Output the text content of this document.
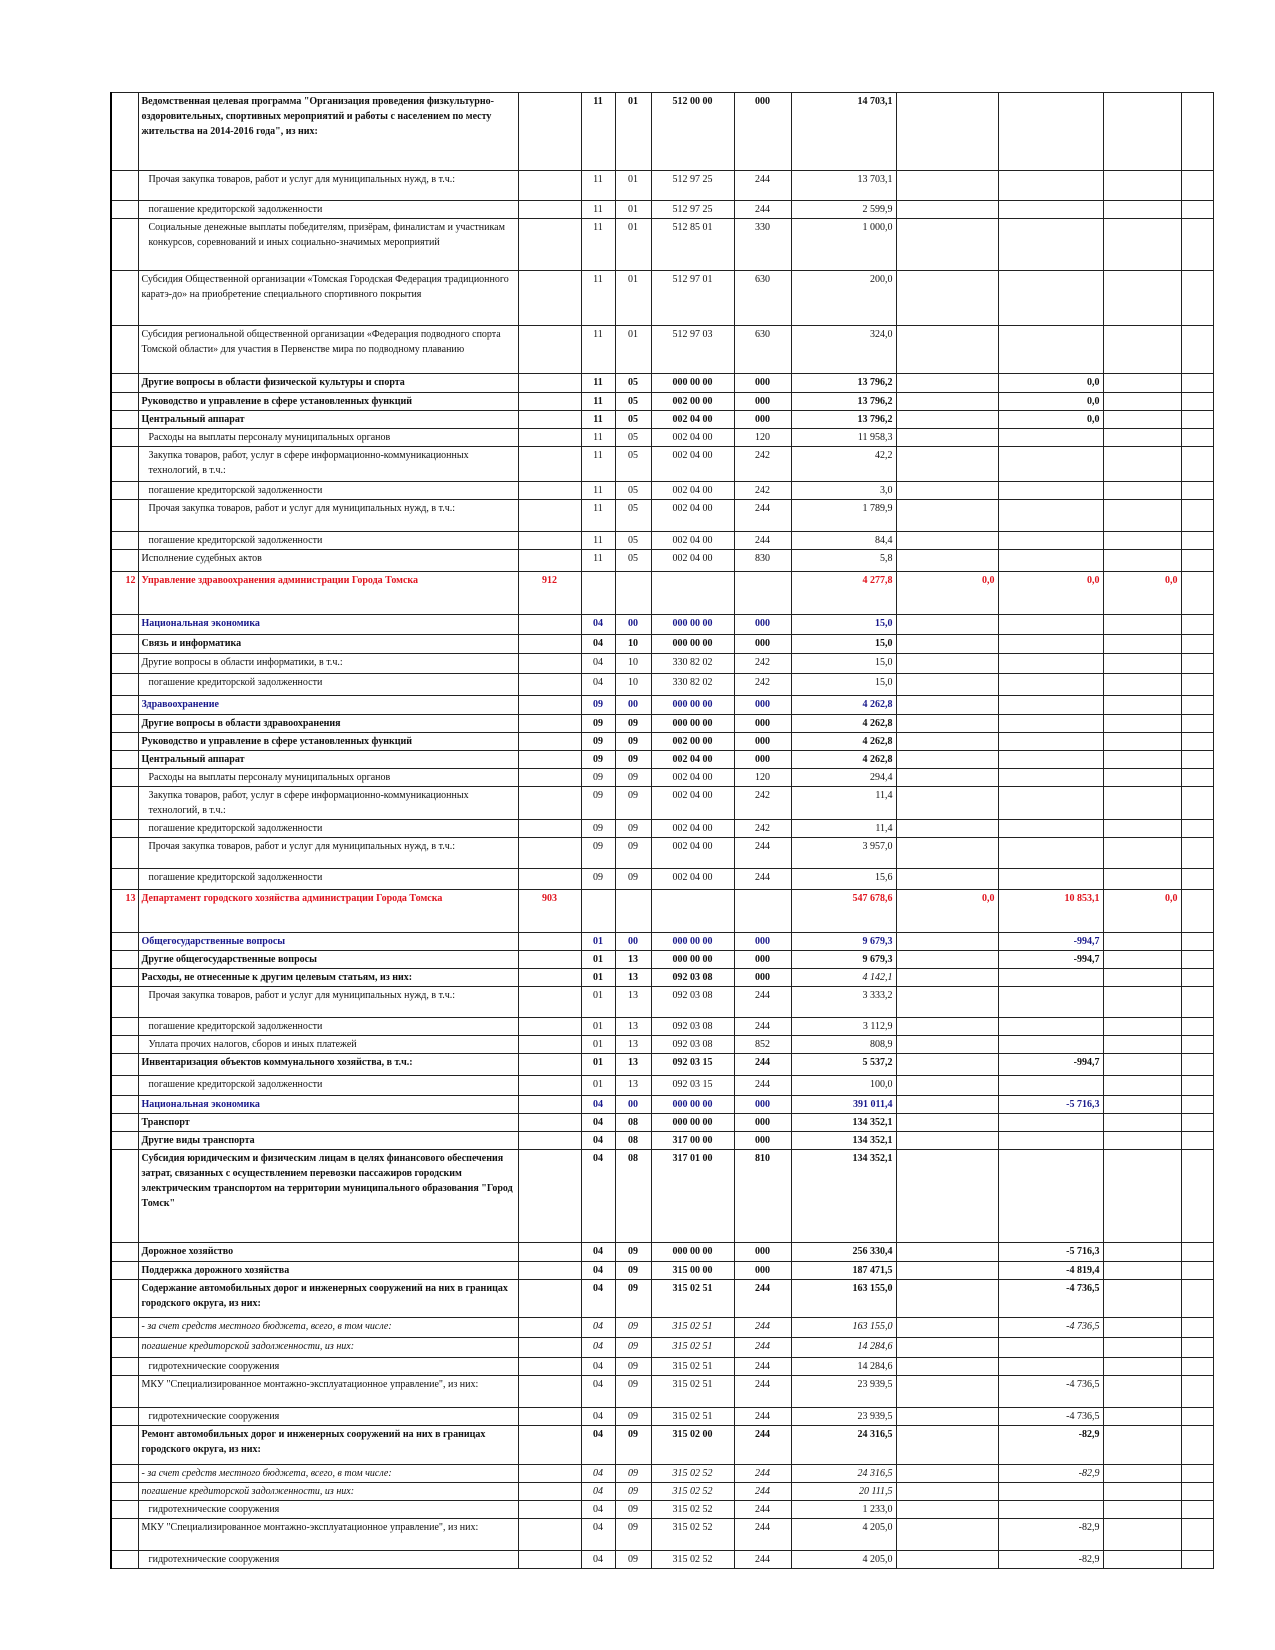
	Ведомственная целевая программа "Организация проведения физкультурно-оздоровительных, спортивных мероприятий и работы с населением по месту жительства на 2014-2016 года", из них:		11	01	512 00 00	000	14 703,1				
	Прочая закупка товаров, работ и услуг для муниципальных нужд, в т.ч.:		11	01	512 97 25	244	13 703,1				
	погашение кредиторской задолженности		11	01	512 97 25	244	2 599,9				
	Социальные денежные выплаты победителям, призёрам, финалистам и участникам конкурсов, соревнований и иных социально-значимых мероприятий		11	01	512 85 01	330	1 000,0				
	Субсидия Общественной организации «Томская Городская Федерация традиционного каратэ-до» на приобретение специального спортивного покрытия		11	01	512 97 01	630	200,0				
	Субсидия региональной общественной организации «Федерация подводного спорта Томской области» для участия в Первенстве мира по подводному плаванию		11	01	512 97 03	630	324,0				
	Другие вопросы в области физической культуры и спорта		11	05	000 00 00	000	13 796,2		0,0		
	Руководство и управление в сфере установленных функций		11	05	002 00 00	000	13 796,2		0,0		
	Центральный аппарат		11	05	002 04 00	000	13 796,2		0,0		
	Расходы на выплаты персоналу муниципальных органов		11	05	002 04 00	120	11 958,3				
	Закупка товаров, работ, услуг в сфере информационно-коммуникационных технологий, в т.ч.:		11	05	002 04 00	242	42,2				
	погашение кредиторской задолженности		11	05	002 04 00	242	3,0				
	Прочая закупка товаров, работ и услуг для муниципальных нужд, в т.ч.:		11	05	002 04 00	244	1 789,9				
	погашение кредиторской задолженности		11	05	002 04 00	244	84,4				
	Исполнение судебных актов		11	05	002 04 00	830	5,8				
12	Управление здравоохранения администрации Города Томска	912					4 277,8	0,0	0,0	0,0	
	Национальная экономика		04	00	000 00 00	000	15,0				
	Связь и информатика		04	10	000 00 00	000	15,0				
	Другие вопросы в области информатики, в т.ч.:		04	10	330 82 02	242	15,0				
	погашение кредиторской задолженности		04	10	330 82 02	242	15,0				
	Здравоохранение		09	00	000 00 00	000	4 262,8				
	Другие вопросы в области здравоохранения		09	09	000 00 00	000	4 262,8				
	Руководство и управление в сфере установленных функций		09	09	002 00 00	000	4 262,8				
	Центральный аппарат		09	09	002 04 00	000	4 262,8				
	Расходы на выплаты персоналу муниципальных органов		09	09	002 04 00	120	294,4				
	Закупка товаров, работ, услуг в сфере информационно-коммуникационных технологий, в т.ч.:		09	09	002 04 00	242	11,4				
	погашение кредиторской задолженности		09	09	002 04 00	242	11,4				
	Прочая закупка товаров, работ и услуг для муниципальных нужд, в т.ч.:		09	09	002 04 00	244	3 957,0				
	погашение кредиторской задолженности		09	09	002 04 00	244	15,6				
13	Департамент городского хозяйства администрации Города Томска	903					547 678,6	0,0	10 853,1	0,0	
	Общегосударственные вопросы		01	00	000 00 00	000	9 679,3		-994,7		
	Другие общегосударственные вопросы		01	13	000 00 00	000	9 679,3		-994,7		
	Расходы, не отнесенные к другим целевым статьям, из них:		01	13	092 03 08	000	4 142,1				
	Прочая закупка товаров, работ и услуг для муниципальных нужд, в т.ч.:		01	13	092 03 08	244	3 333,2				
	погашение кредиторской задолженности		01	13	092 03 08	244	3 112,9				
	Уплата прочих налогов, сборов и иных платежей		01	13	092 03 08	852	808,9				
	Инвентаризация объектов коммунального хозяйства, в т.ч.:		01	13	092 03 15	244	5 537,2		-994,7		
	погашение кредиторской задолженности		01	13	092 03 15	244	100,0				
	Национальная экономика		04	00	000 00 00	000	391 011,4		-5 716,3		
	Транспорт		04	08	000 00 00	000	134 352,1				
	Другие виды транспорта		04	08	317 00 00	000	134 352,1				
	Субсидия юридическим и физическим лицам в целях финансового обеспечения затрат, связанных с осуществлением перевозки пассажиров городским электрическим транспортом на территории муниципального образования "Город Томск"		04	08	317 01 00	810	134 352,1				
	Дорожное хозяйство		04	09	000 00 00	000	256 330,4		-5 716,3		
	Поддержка дорожного хозяйства		04	09	315 00 00	000	187 471,5		-4 819,4		
	Содержание автомобильных дорог и инженерных сооружений на них в границах городского округа, из них:		04	09	315 02 51	244	163 155,0		-4 736,5		
	- за счет средств местного бюджета, всего, в том числе:		04	09	315 02 51	244	163 155,0		-4 736,5		
	погашение кредиторской задолженности, из них:		04	09	315 02 51	244	14 284,6				
	гидротехнические сооружения		04	09	315 02 51	244	14 284,6				
	МКУ "Специализированное монтажно-эксплуатационное управление", из них:		04	09	315 02 51	244	23 939,5		-4 736,5		
	гидротехнические сооружения		04	09	315 02 51	244	23 939,5		-4 736,5		
	Ремонт автомобильных дорог и инженерных сооружений на них в границах городского округа, из них:		04	09	315 02 00	244	24 316,5		-82,9		
	- за счет средств местного бюджета, всего, в том числе:		04	09	315 02 52	244	24 316,5		-82,9		
	погашение кредиторской задолженности, из них:		04	09	315 02 52	244	20 111,5				
	гидротехнические сооружения		04	09	315 02 52	244	1 233,0				
	МКУ "Специализированное монтажно-эксплуатационное управление", из них:		04	09	315 02 52	244	4 205,0		-82,9		
	гидротехнические сооружения		04	09	315 02 52	244	4 205,0		-82,9		
